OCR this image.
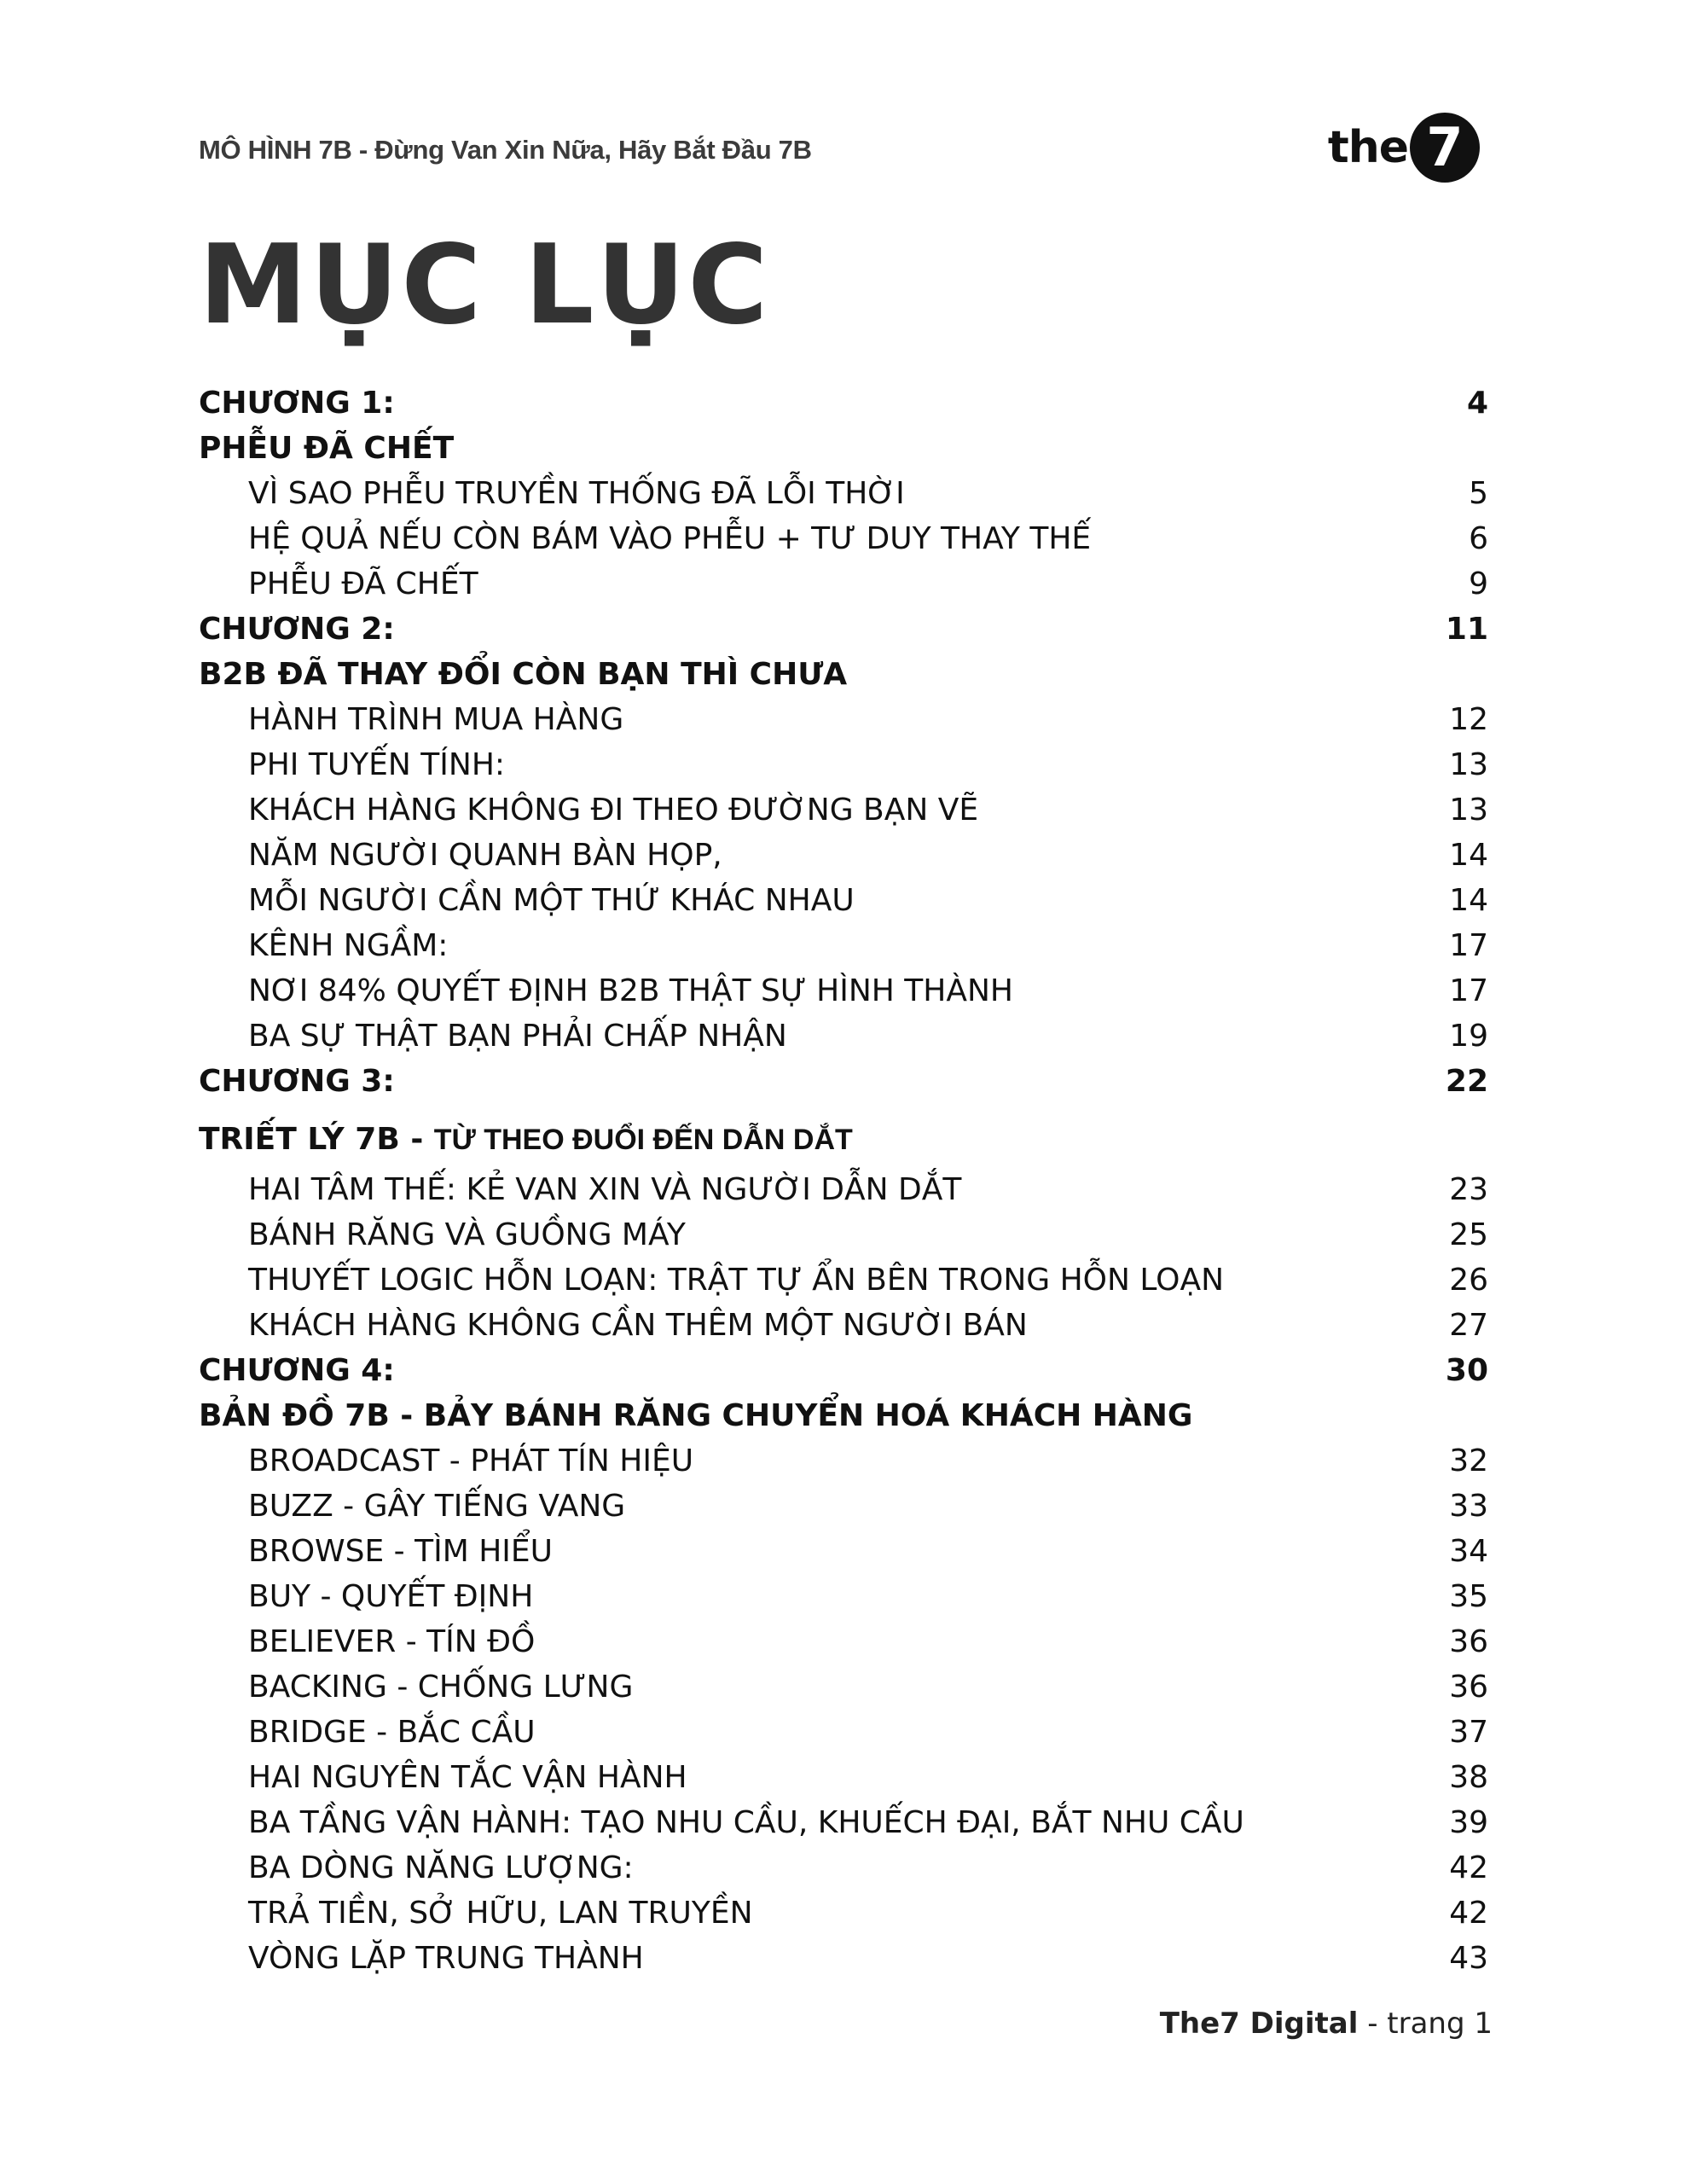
MÔ HÌNH 7B - Đừng Van Xin Nữa, Hãy Bắt Đầu 7B	the 7
MỤC LỤC
CHƯƠNG 1:	4
PHỄU ĐÃ CHẾT
VÌ SAO PHỄU TRUYỀN THỐNG ĐÃ LỖI THỜI	5
HỆ QUẢ NẾU CÒN BÁM VÀO PHỄU + TƯ DUY THAY THẾ	6
PHỄU ĐÃ CHẾT	9
CHƯƠNG 2:	11
B2B ĐÃ THAY ĐỔI CÒN BẠN THÌ CHƯA
HÀNH TRÌNH MUA HÀNG	12
PHI TUYẾN TÍNH:	13
KHÁCH HÀNG KHÔNG ĐI THEO ĐƯỜNG BẠN VẼ	13
NĂM NGƯỜI QUANH BÀN HỌP,	14
MỖI NGƯỜI CẦN MỘT THỨ KHÁC NHAU	14
KÊNH NGẦM:	17
NƠI 84% QUYẾT ĐỊNH B2B THẬT SỰ HÌNH THÀNH	17
BA SỰ THẬT BẠN PHẢI CHẤP NHẬN	19
CHƯƠNG 3:	22
TRIẾT LÝ 7B - TỪ THEO ĐUỔI ĐẾN DẪN DẮT
HAI TÂM THẾ: KẺ VAN XIN VÀ NGƯỜI DẪN DẮT	23
BÁNH RĂNG VÀ GUỒNG MÁY	25
THUYẾT LOGIC HỖN LOẠN: TRẬT TỰ ẨN BÊN TRONG HỖN LOẠN	26
KHÁCH HÀNG KHÔNG CẦN THÊM MỘT NGƯỜI BÁN	27
CHƯƠNG 4:	30
BẢN ĐỒ 7B - BẢY BÁNH RĂNG CHUYỂN HOÁ KHÁCH HÀNG
BROADCAST - PHÁT TÍN HIỆU	32
BUZZ - GÂY TIẾNG VANG	33
BROWSE - TÌM HIỂU	34
BUY - QUYẾT ĐỊNH	35
BELIEVER - TÍN ĐỒ	36
BACKING - CHỐNG LƯNG	36
BRIDGE - BẮC CẦU	37
HAI NGUYÊN TẮC VẬN HÀNH	38
BA TẦNG VẬN HÀNH: TẠO NHU CẦU, KHUẾCH ĐẠI, BẮT NHU CẦU	39
BA DÒNG NĂNG LƯỢNG:	42
TRẢ TIỀN, SỞ HỮU, LAN TRUYỀN	42
VÒNG LẶP TRUNG THÀNH	43
The7 Digital - trang 1
